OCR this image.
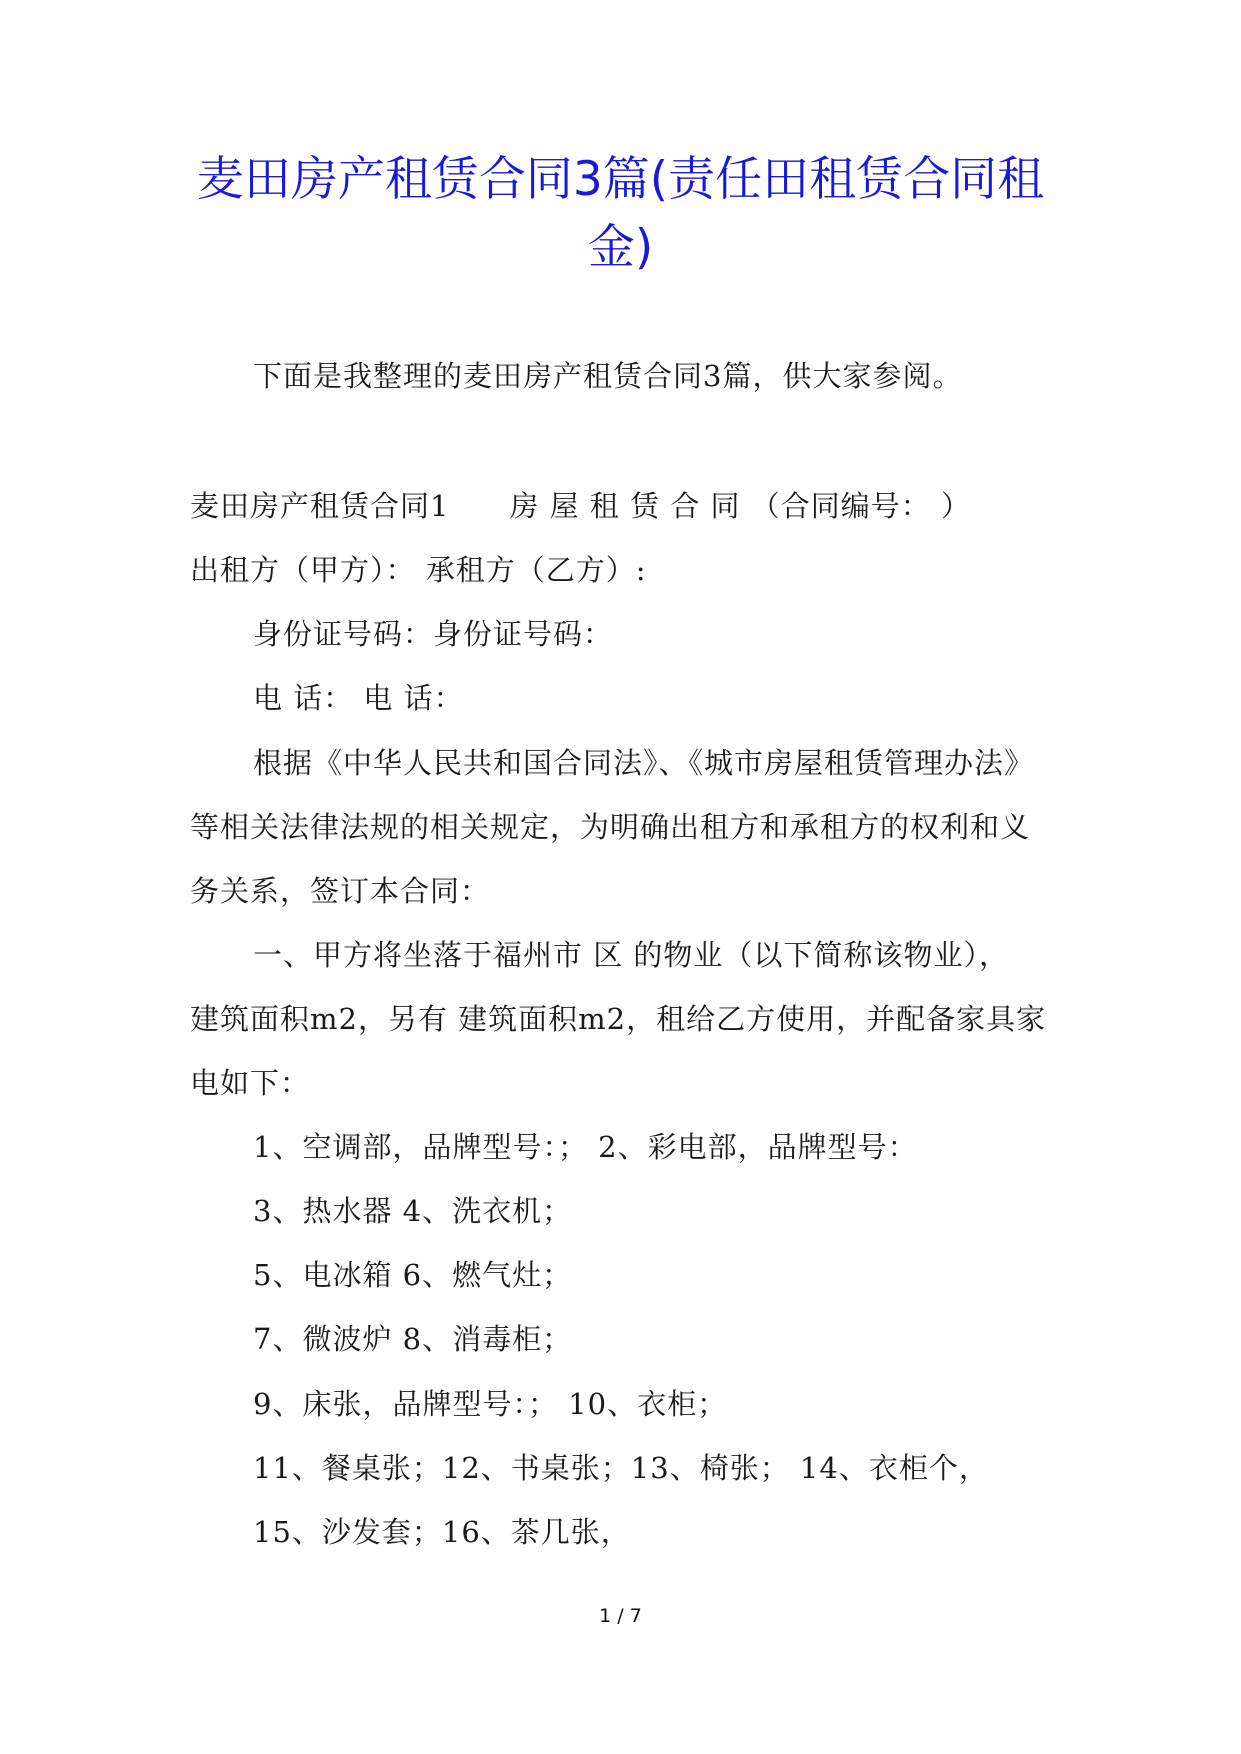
麦田房产租赁合同3篇(责任田租赁合同租
金)

下面是我整理的麦田房产租赁合同3篇，供大家参阅。

麦田房产租赁合同1　　房 屋 租 赁 合 同 （合同编号： ）

出租方（甲方）： 承租方（乙方）:

身份证号码：身份证号码：

电 话： 电 话：

根据《中华人民共和国合同法》、《城市房屋租赁管理办法》

等相关法律法规的相关规定，为明确出租方和承租方的权利和义

务关系，签订本合同：

一、甲方将坐落于福州市 区 的物业（以下简称该物业），

建筑面积m2，另有 建筑面积m2，租给乙方使用，并配备家具家

电如下：

1、空调部，品牌型号：； 2、彩电部，品牌型号：

3、热水器 4、洗衣机；

5、电冰箱 6、燃气灶；

7、微波炉 8、消毒柜；

9、床张，品牌型号：； 10、衣柜；

11、餐桌张；12、书桌张；13、椅张； 14、衣柜个，

15、沙发套；16、茶几张，

1 / 7
